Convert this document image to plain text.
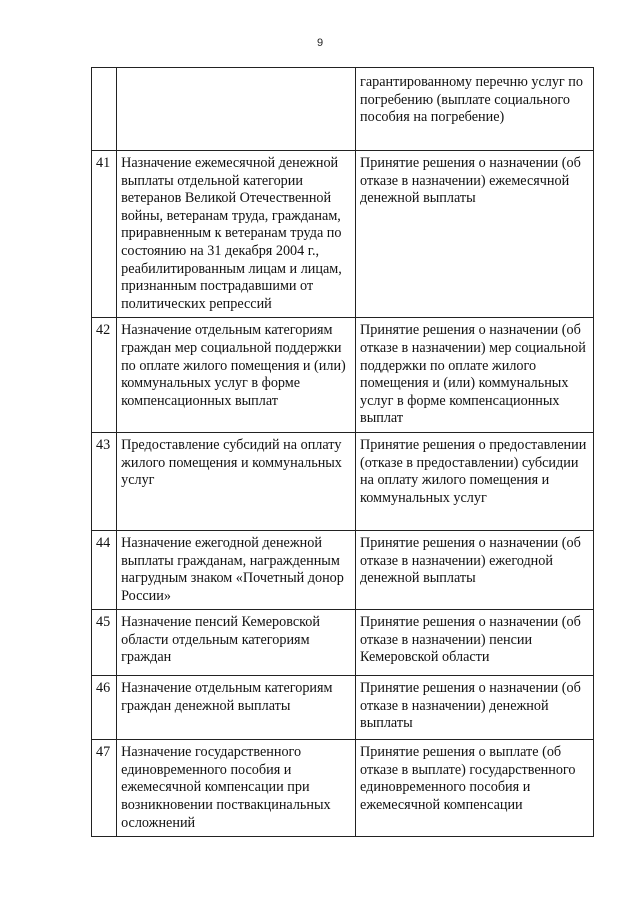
9
		гарантированному перечню услуг по погребению (выплате социального пособия на погребение)
41	Назначение ежемесячной денежной выплаты отдельной категории ветеранов Великой Отечественной войны, ветеранам труда, гражданам, приравненным к ветеранам труда по состоянию на 31 декабря 2004 г., реабилитированным лицам и лицам, признанным пострадавшими от политических репрессий	Принятие решения о назначении (об отказе в назначении) ежемесячной денежной выплаты
42	Назначение отдельным категориям граждан мер социальной поддержки по оплате жилого помещения и (или) коммунальных услуг в форме компенсационных выплат	Принятие решения о назначении (об отказе в назначении) мер социальной поддержки по оплате жилого помещения и (или) коммунальных услуг в форме компенсационных выплат
43	Предоставление субсидий на оплату жилого помещения и коммунальных услуг	Принятие решения о предоставлении (отказе в предоставлении) субсидии на оплату жилого помещения и коммунальных услуг
44	Назначение ежегодной денежной выплаты гражданам, награжденным нагрудным знаком «Почетный донор России»	Принятие решения о назначении (об отказе в назначении) ежегодной денежной выплаты
45	Назначение пенсий Кемеровской области отдельным категориям граждан	Принятие решения о назначении (об отказе в назначении) пенсии Кемеровской области
46	Назначение отдельным категориям граждан денежной выплаты	Принятие решения о назначении (об отказе в назначении) денежной выплаты
47	Назначение государственного единовременного пособия и ежемесячной компенсации при возникновении поствакцинальных осложнений	Принятие решения о выплате (об отказе в выплате) государственного единовременного пособия и ежемесячной компенсации
